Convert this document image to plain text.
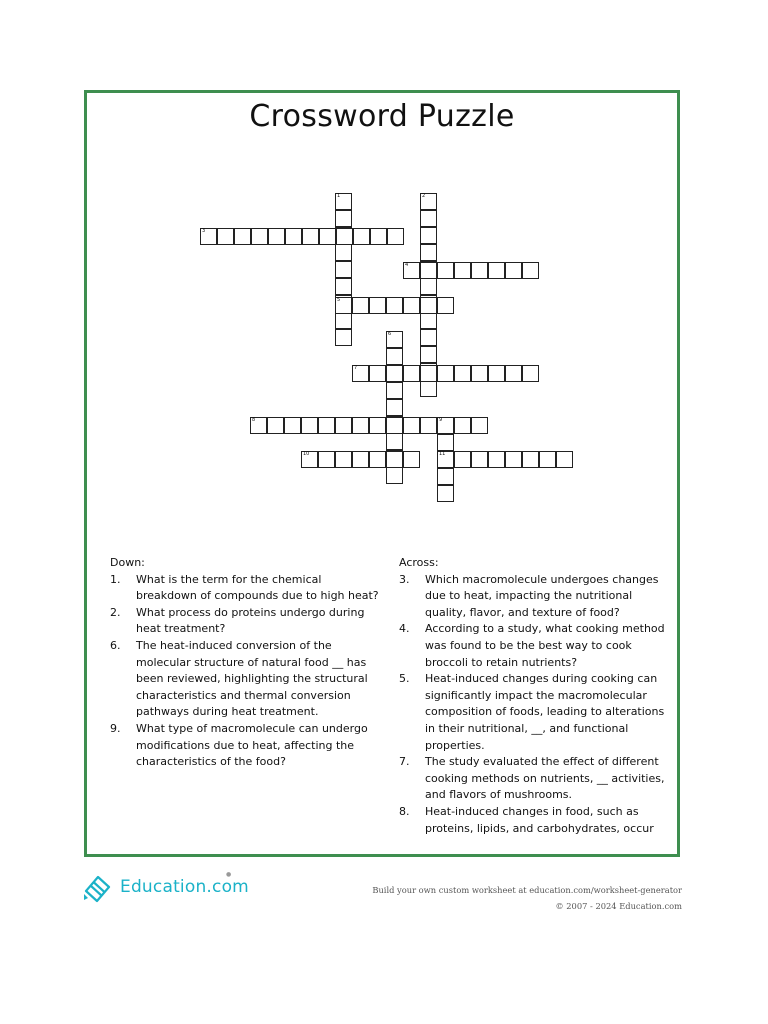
Crossword Puzzle
1	2
3
4
5
6
7
8	9
11
10
Down:
1. What is the term for the chemical breakdown of compounds due to high heat?
2. What process do proteins undergo during heat treatment?
6. The heat-induced conversion of the molecular structure of natural food __ has been reviewed, highlighting the structural characteristics and thermal conversion pathways during heat treatment.
9. What type of macromolecule can undergo modifications due to heat, affecting the characteristics of the food?
Across:
3. Which macromolecule undergoes changes due to heat, impacting the nutritional quality, flavor, and texture of food?
4. According to a study, what cooking method was found to be the best way to cook broccoli to retain nutrients?
5. Heat-induced changes during cooking can significantly impact the macromolecular composition of foods, leading to alterations in their nutritional, __, and functional properties.
7. The study evaluated the effect of different cooking methods on nutrients, __ activities, and flavors of mushrooms.
8. Heat-induced changes in food, such as proteins, lipids, and carbohydrates, occur
Education.com
●
Build your own custom worksheet at education.com/worksheet-generator
© 2007 - 2024 Education.com
